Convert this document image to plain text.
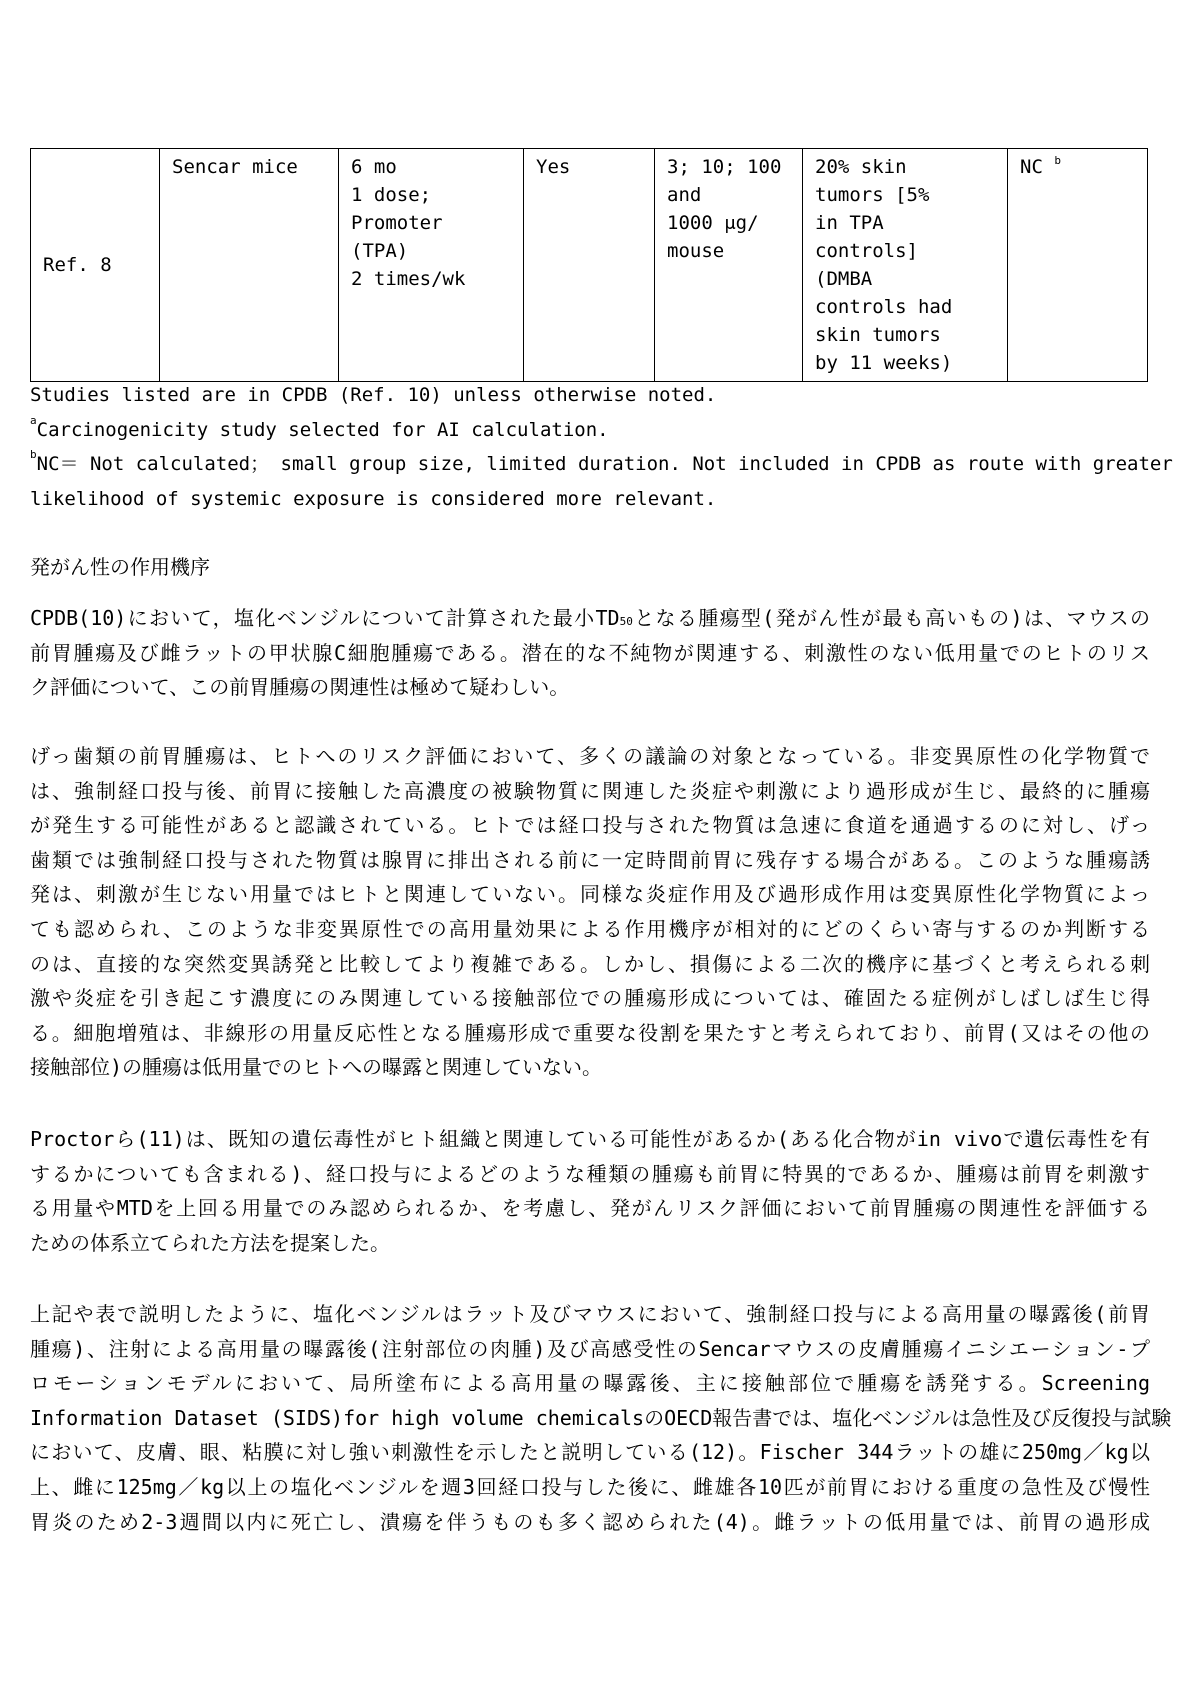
Ref. 8	Sencar mice	6 mo
1 dose;
Promoter
(TPA)
2 times/wk	Yes	3; 10; 100
and
1000 μg/
mouse	20% skin
tumors [5%
in TPA
controls]
(DMBA
controls had
skin tumors
by 11 weeks)	NC $^b$
Studies listed are in CPDB (Ref. 10) unless otherwise noted.
$^a$Carcinogenicity study selected for AI calculation.
$^b$NC＝ Not calculated； small group size, limited duration. Not included in CPDB as route with greater
likelihood of systemic exposure is considered more relevant.
発がん性の作用機序
CPDB(10)において，塩化ベンジルについて計算された最小TD50となる腫瘍型(発がん性が最も高いもの)は、マウスの
前胃腫瘍及び雌ラットの甲状腺C細胞腫瘍である。潜在的な不純物が関連する、刺激性のない低用量でのヒトのリス
ク評価について、この前胃腫瘍の関連性は極めて疑わしい。
げっ歯類の前胃腫瘍は、ヒトへのリスク評価において、多くの議論の対象となっている。非変異原性の化学物質で
は、強制経口投与後、前胃に接触した高濃度の被験物質に関連した炎症や刺激により過形成が生じ、最終的に腫瘍
が発生する可能性があると認識されている。ヒトでは経口投与された物質は急速に食道を通過するのに対し、げっ
歯類では強制経口投与された物質は腺胃に排出される前に一定時間前胃に残存する場合がある。このような腫瘍誘
発は、刺激が生じない用量ではヒトと関連していない。同様な炎症作用及び過形成作用は変異原性化学物質によっ
ても認められ、このような非変異原性での高用量効果による作用機序が相対的にどのくらい寄与するのか判断する
のは、直接的な突然変異誘発と比較してより複雑である。しかし、損傷による二次的機序に基づくと考えられる刺
激や炎症を引き起こす濃度にのみ関連している接触部位での腫瘍形成については、確固たる症例がしばしば生じ得
る。細胞増殖は、非線形の用量反応性となる腫瘍形成で重要な役割を果たすと考えられており、前胃(又はその他の
接触部位)の腫瘍は低用量でのヒトへの曝露と関連していない。
Proctorら(11)は、既知の遺伝毒性がヒト組織と関連している可能性があるか(ある化合物がin vivoで遺伝毒性を有
するかについても含まれる)、経口投与によるどのような種類の腫瘍も前胃に特異的であるか、腫瘍は前胃を刺激す
る用量やMTDを上回る用量でのみ認められるか、を考慮し、発がんリスク評価において前胃腫瘍の関連性を評価する
ための体系立てられた方法を提案した。
上記や表で説明したように、塩化ベンジルはラット及びマウスにおいて、強制経口投与による高用量の曝露後(前胃
腫瘍)、注射による高用量の曝露後(注射部位の肉腫)及び高感受性のSencarマウスの皮膚腫瘍イニシエーション-プ
ロモーションモデルにおいて、局所塗布による高用量の曝露後、主に接触部位で腫瘍を誘発する。Screening
Information Dataset (SIDS)for high volume chemicalsのOECD報告書では、塩化ベンジルは急性及び反復投与試験
において、皮膚、眼、粘膜に対し強い刺激性を示したと説明している(12)。Fischer 344ラットの雄に250mg／kg以
上、雌に125mg／kg以上の塩化ベンジルを週3回経口投与した後に、雌雄各10匹が前胃における重度の急性及び慢性
胃炎のため2-3週間以内に死亡し、潰瘍を伴うものも多く認められた(4)。雌ラットの低用量では、前胃の過形成
